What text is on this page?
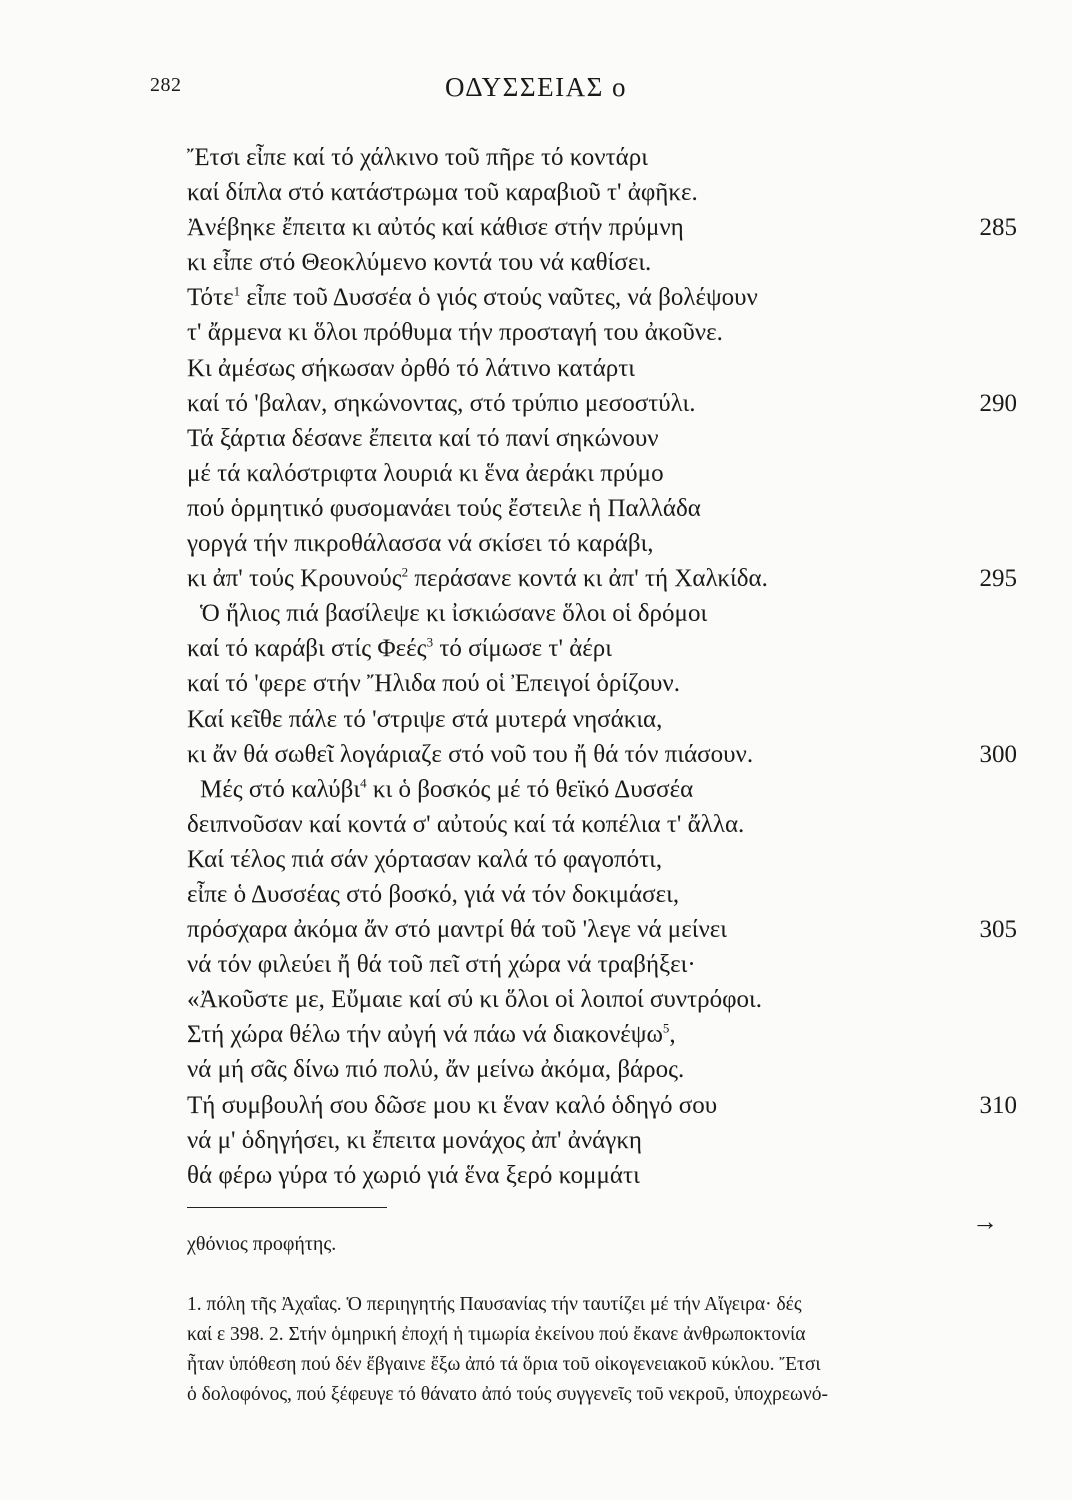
282	ΟΔΥΣΣΕΙΑΣ ο
Ἔτσι εἶπε καί τό χάλκινο τοῦ πῆρε τό κοντάρι
καί δίπλα στό κατάστρωμα τοῦ καραβιοῦ τ' ἀφῆκε.
Ἀνέβηκε ἔπειτα κι αὐτός καί κάθισε στήν πρύμνη	285
κι εἶπε στό Θεοκλύμενο κοντά του νά καθίσει.
Τότε$^1$ εἶπε τοῦ Δυσσέα ὁ γιός στούς ναῦτες, νά βολέψουν
τ' ἄρμενα κι ὅλοι πρόθυμα τήν προσταγή του ἀκοῦνε.
Κι ἀμέσως σήκωσαν ὀρθό τό λάτινο κατάρτι
καί τό 'βαλαν, σηκώνοντας, στό τρύπιο μεσοστύλι.	290
Τά ξάρτια δέσανε ἔπειτα καί τό πανί σηκώνουν
μέ τά καλόστριφτα λουριά κι ἕνα ἀεράκι πρύμο
πού ὁρμητικό φυσομανάει τούς ἔστειλε ἡ Παλλάδα
γοργά τήν πικροθάλασσα νά σκίσει τό καράβι,
κι ἀπ' τούς Κρουνούς$^2$ περάσανε κοντά κι ἀπ' τή Χαλκίδα.	295
Ὁ ἥλιος πιά βασίλεψε κι ἰσκιώσανε ὅλοι οἱ δρόμοι
καί τό καράβι στίς Φεές$^3$ τό σίμωσε τ' ἀέρι
καί τό 'φερε στήν Ἤλιδα πού οἱ Ἐπειγοί ὁρίζουν.
Καί κεῖθε πάλε τό 'στριψε στά μυτερά νησάκια,
κι ἄν θά σωθεῖ λογάριαζε στό νοῦ του ἤ θά τόν πιάσουν.	300
Μές στό καλύβι$^4$ κι ὁ βοσκός μέ τό θεϊκό Δυσσέα
δειπνοῦσαν καί κοντά σ' αὐτούς καί τά κοπέλια τ' ἄλλα.
Καί τέλος πιά σάν χόρτασαν καλά τό φαγοπότι,
εἶπε ὁ Δυσσέας στό βοσκό, γιά νά τόν δοκιμάσει,
πρόσχαρα ἀκόμα ἄν στό μαντρί θά τοῦ 'λεγε νά μείνει	305
νά τόν φιλεύει ἤ θά τοῦ πεῖ στή χώρα νά τραβήξει·
«Ἀκοῦστε με, Εὔμαιε καί σύ κι ὅλοι οἱ λοιποί συντρόφοι.
Στή χώρα θέλω τήν αὐγή νά πάω νά διακονέψω$^5$,
νά μή σᾶς δίνω πιό πολύ, ἄν μείνω ἀκόμα, βάρος.
Τή συμβουλή σου δῶσε μου κι ἕναν καλό ὁδηγό σου	310
νά μ' ὁδηγήσει, κι ἔπειτα μονάχος ἀπ' ἀνάγκη
θά φέρω γύρα τό χωριό γιά ἕνα ξερό κομμάτι
→
χθόνιος προφήτης.
1. πόλη τῆς Ἀχαΐας. Ὁ περιηγητής Παυσανίας τήν ταυτίζει μέ τήν Αἴγειρα· δές
καί ε 398. 2. Στήν ὁμηρική ἐποχή ἡ τιμωρία ἐκείνου πού ἔκανε ἀνθρωποκτονία
ἦταν ὑπόθεση πού δέν ἔβγαινε ἔξω ἀπό τά ὅρια τοῦ οἰκογενειακοῦ κύκλου. Ἔτσι
ὁ δολοφόνος, πού ξέφευγε τό θάνατο ἀπό τούς συγγενεῖς τοῦ νεκροῦ, ὑποχρεωνό-
